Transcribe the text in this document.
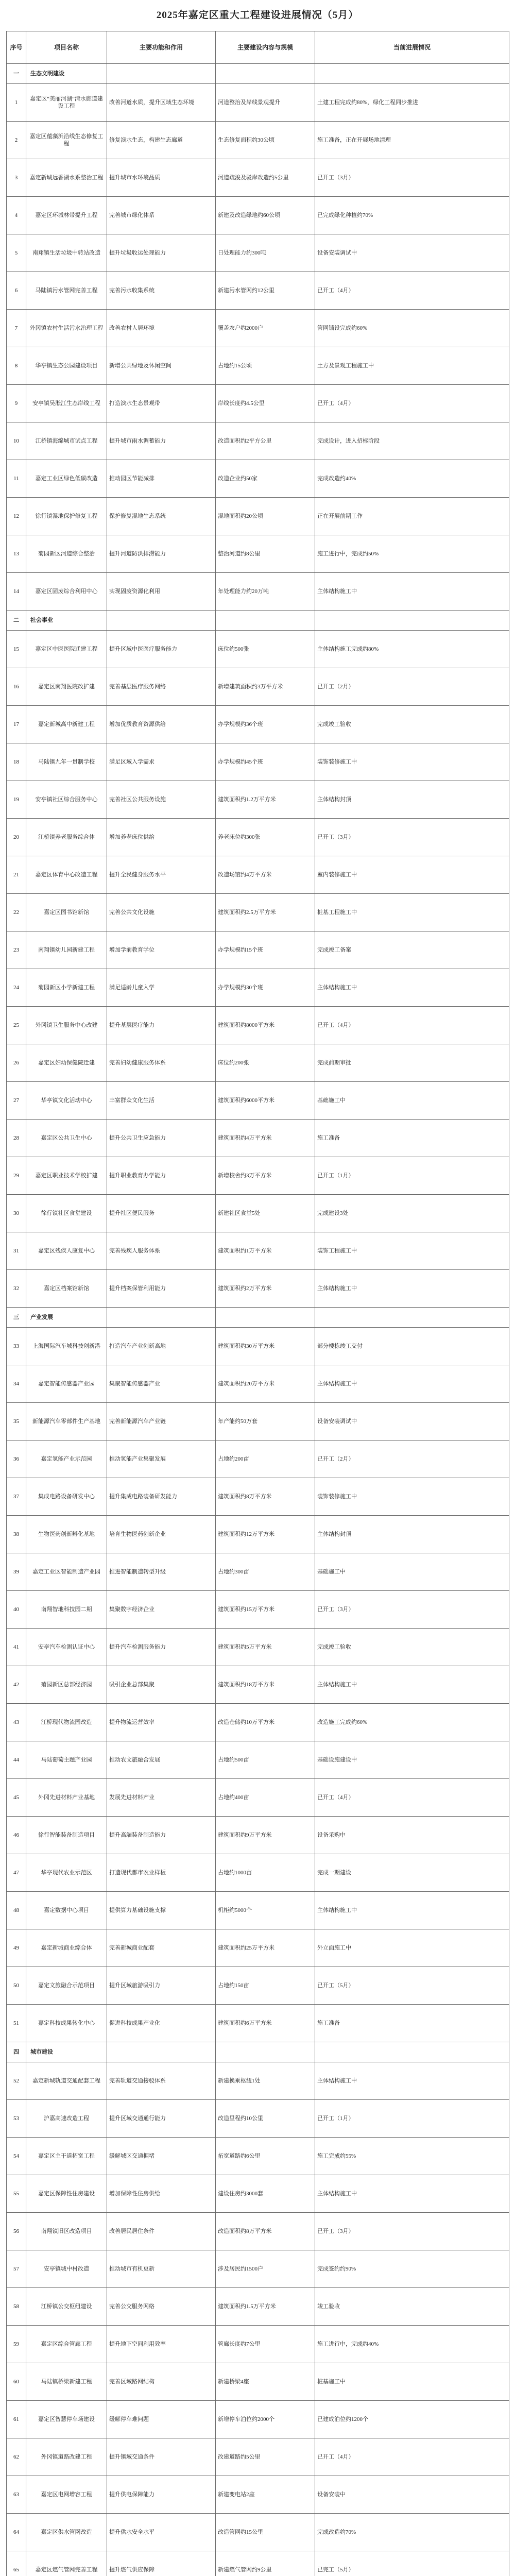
2025年嘉定区重大工程建设进展情况（5月）
序号	项目名称	主要功能和作用	主要建设内容与规模	当前进展情况
一	生态文明建设			
1	嘉定区“美丽河湖”清水廊道建设工程	改善河道水质，提升区域生态环境	河道整治及岸线景观提升	土建工程完成约80%，绿化工程同步推进
2	嘉定区蕴藻浜沿线生态修复工程	修复滨水生态，构建生态廊道	生态修复面积约30公顷	施工准备，正在开展场地清理
3	嘉定新城远香湖水系整治工程	提升城市水环境品质	河道疏浚及驳岸改造约5公里	已开工（3月）
4	嘉定区环城林带提升工程	完善城市绿化体系	新建及改造绿地约60公顷	已完成绿化种植约70%
5	南翔镇生活垃圾中转站改造	提升垃圾收运处理能力	日处理能力约300吨	设备安装调试中
6	马陆镇污水管网完善工程	完善污水收集系统	新建污水管网约12公里	已开工（4月）
7	外冈镇农村生活污水治理工程	改善农村人居环境	覆盖农户约2000户	管网铺设完成约60%
8	华亭镇生态公园建设项目	新增公共绿地及休闲空间	占地约15公顷	土方及景观工程施工中
9	安亭镇吴淞江生态岸线工程	打造滨水生态景观带	岸线长度约4.5公里	已开工（4月）
10	江桥镇海绵城市试点工程	提升城市雨水调蓄能力	改造面积约2平方公里	完成设计，进入招标阶段
11	嘉定工业区绿色低碳改造	推动园区节能减排	改造企业约50家	完成改造约40%
12	徐行镇湿地保护修复工程	保护修复湿地生态系统	湿地面积约20公顷	正在开展前期工作
13	菊园新区河道综合整治	提升河道防洪排涝能力	整治河道约8公里	施工进行中，完成约50%
14	嘉定区固废综合利用中心	实现固废资源化利用	年处理能力约20万吨	主体结构施工中
二	社会事业			
15	嘉定区中医医院迁建工程	提升区域中医医疗服务能力	床位约500张	主体结构施工完成约80%
16	嘉定区南翔医院改扩建	完善基层医疗服务网络	新增建筑面积约3万平方米	已开工（2月）
17	嘉定新城高中新建工程	增加优质教育资源供给	办学规模约36个班	完成竣工验收
18	马陆镇九年一贯制学校	满足区域入学需求	办学规模约45个班	装饰装修施工中
19	安亭镇社区综合服务中心	完善社区公共服务设施	建筑面积约1.2万平方米	主体结构封顶
20	江桥镇养老服务综合体	增加养老床位供给	养老床位约300张	已开工（3月）
21	嘉定区体育中心改造工程	提升全民健身服务水平	改造场馆约4万平方米	室内装修施工中
22	嘉定区图书馆新馆	完善公共文化设施	建筑面积约2.5万平方米	桩基工程施工中
23	南翔镇幼儿园新建工程	增加学前教育学位	办学规模约15个班	完成竣工备案
24	菊园新区小学新建工程	满足适龄儿童入学	办学规模约30个班	主体结构施工中
25	外冈镇卫生服务中心改建	提升基层医疗能力	建筑面积约8000平方米	已开工（4月）
26	嘉定区妇幼保健院迁建	完善妇幼健康服务体系	床位约200张	完成前期审批
27	华亭镇文化活动中心	丰富群众文化生活	建筑面积约6000平方米	基础施工中
28	嘉定区公共卫生中心	提升公共卫生应急能力	建筑面积约4万平方米	施工准备
29	嘉定区职业技术学校扩建	提升职业教育办学能力	新增校舍约3万平方米	已开工（1月）
30	徐行镇社区食堂建设	提升社区便民服务	新建社区食堂5处	完成建设3处
31	嘉定区残疾人康复中心	完善残疾人服务体系	建筑面积约1万平方米	装饰工程施工中
32	嘉定区档案馆新馆	提升档案保管利用能力	建筑面积约2万平方米	主体结构施工中
三	产业发展			
33	上海国际汽车城科技创新港	打造汽车产业创新高地	建筑面积约30万平方米	部分楼栋竣工交付
34	嘉定智能传感器产业园	集聚智能传感器产业	建筑面积约20万平方米	主体结构施工中
35	新能源汽车零部件生产基地	完善新能源汽车产业链	年产能约50万套	设备安装调试中
36	嘉定氢能产业示范园	推动氢能产业集聚发展	占地约200亩	已开工（2月）
37	集成电路设备研发中心	提升集成电路装备研发能力	建筑面积约8万平方米	装饰装修施工中
38	生物医药创新孵化基地	培育生物医药创新企业	建筑面积约12万平方米	主体结构封顶
39	嘉定工业区智能制造产业园	推进智能制造转型升级	占地约300亩	基础施工中
40	南翔智地科技园二期	集聚数字经济企业	建筑面积约15万平方米	已开工（3月）
41	安亭汽车检测认证中心	提升汽车检测服务能力	建筑面积约5万平方米	完成竣工验收
42	菊园新区总部经济园	吸引企业总部集聚	建筑面积约18万平方米	主体结构施工中
43	江桥现代物流园改造	提升物流运营效率	改造仓储约10万平方米	改造施工完成约60%
44	马陆葡萄主题产业园	推动农文旅融合发展	占地约500亩	基础设施建设中
45	外冈先进材料产业基地	发展先进材料产业	占地约400亩	已开工（4月）
46	徐行智能装备制造项目	提升高端装备制造能力	建筑面积约9万平方米	设备采购中
47	华亭现代农业示范区	打造现代都市农业样板	占地约1000亩	完成一期建设
48	嘉定数据中心项目	提供算力基础设施支撑	机柜约5000个	主体结构施工中
49	嘉定新城商业综合体	完善新城商业配套	建筑面积约25万平方米	外立面施工中
50	嘉定文旅融合示范项目	提升区域旅游吸引力	占地约150亩	已开工（5月）
51	嘉定科技成果转化中心	促进科技成果产业化	建筑面积约6万平方米	施工准备
四	城市建设			
52	嘉定新城轨道交通配套工程	完善轨道交通接驳体系	新建换乘枢纽1处	主体结构施工中
53	沪嘉高速改造工程	提升区域交通通行能力	改造里程约10公里	已开工（1月）
54	嘉定区主干道拓宽工程	缓解城区交通拥堵	拓宽道路约6公里	施工完成约55%
55	嘉定区保障性住房建设	增加保障性住房供给	建设住房约3000套	主体结构施工中
56	南翔镇旧区改造项目	改善居民居住条件	改造面积约8万平方米	已开工（3月）
57	安亭镇城中村改造	推动城市有机更新	涉及居民约1500户	完成签约约90%
58	江桥镇公交枢纽建设	完善公交服务网络	建筑面积约1.5万平方米	竣工验收
59	嘉定区综合管廊工程	提升地下空间利用效率	管廊长度约7公里	施工进行中，完成约40%
60	马陆镇桥梁新建工程	完善区域路网结构	新建桥梁4座	桩基施工中
61	嘉定区智慧停车场建设	缓解停车难问题	新增停车泊位约2000个	已建成泊位约1200个
62	外冈镇道路改建工程	提升镇域交通条件	改建道路约5公里	已开工（4月）
63	嘉定区电网增容工程	提升供电保障能力	新建变电站2座	设备安装中
64	嘉定区供水管网改造	提升供水安全水平	改造管网约15公里	完成改造约70%
65	嘉定区燃气管网完善工程	提升燃气供应保障	新建燃气管网约9公里	已完工（5月）
